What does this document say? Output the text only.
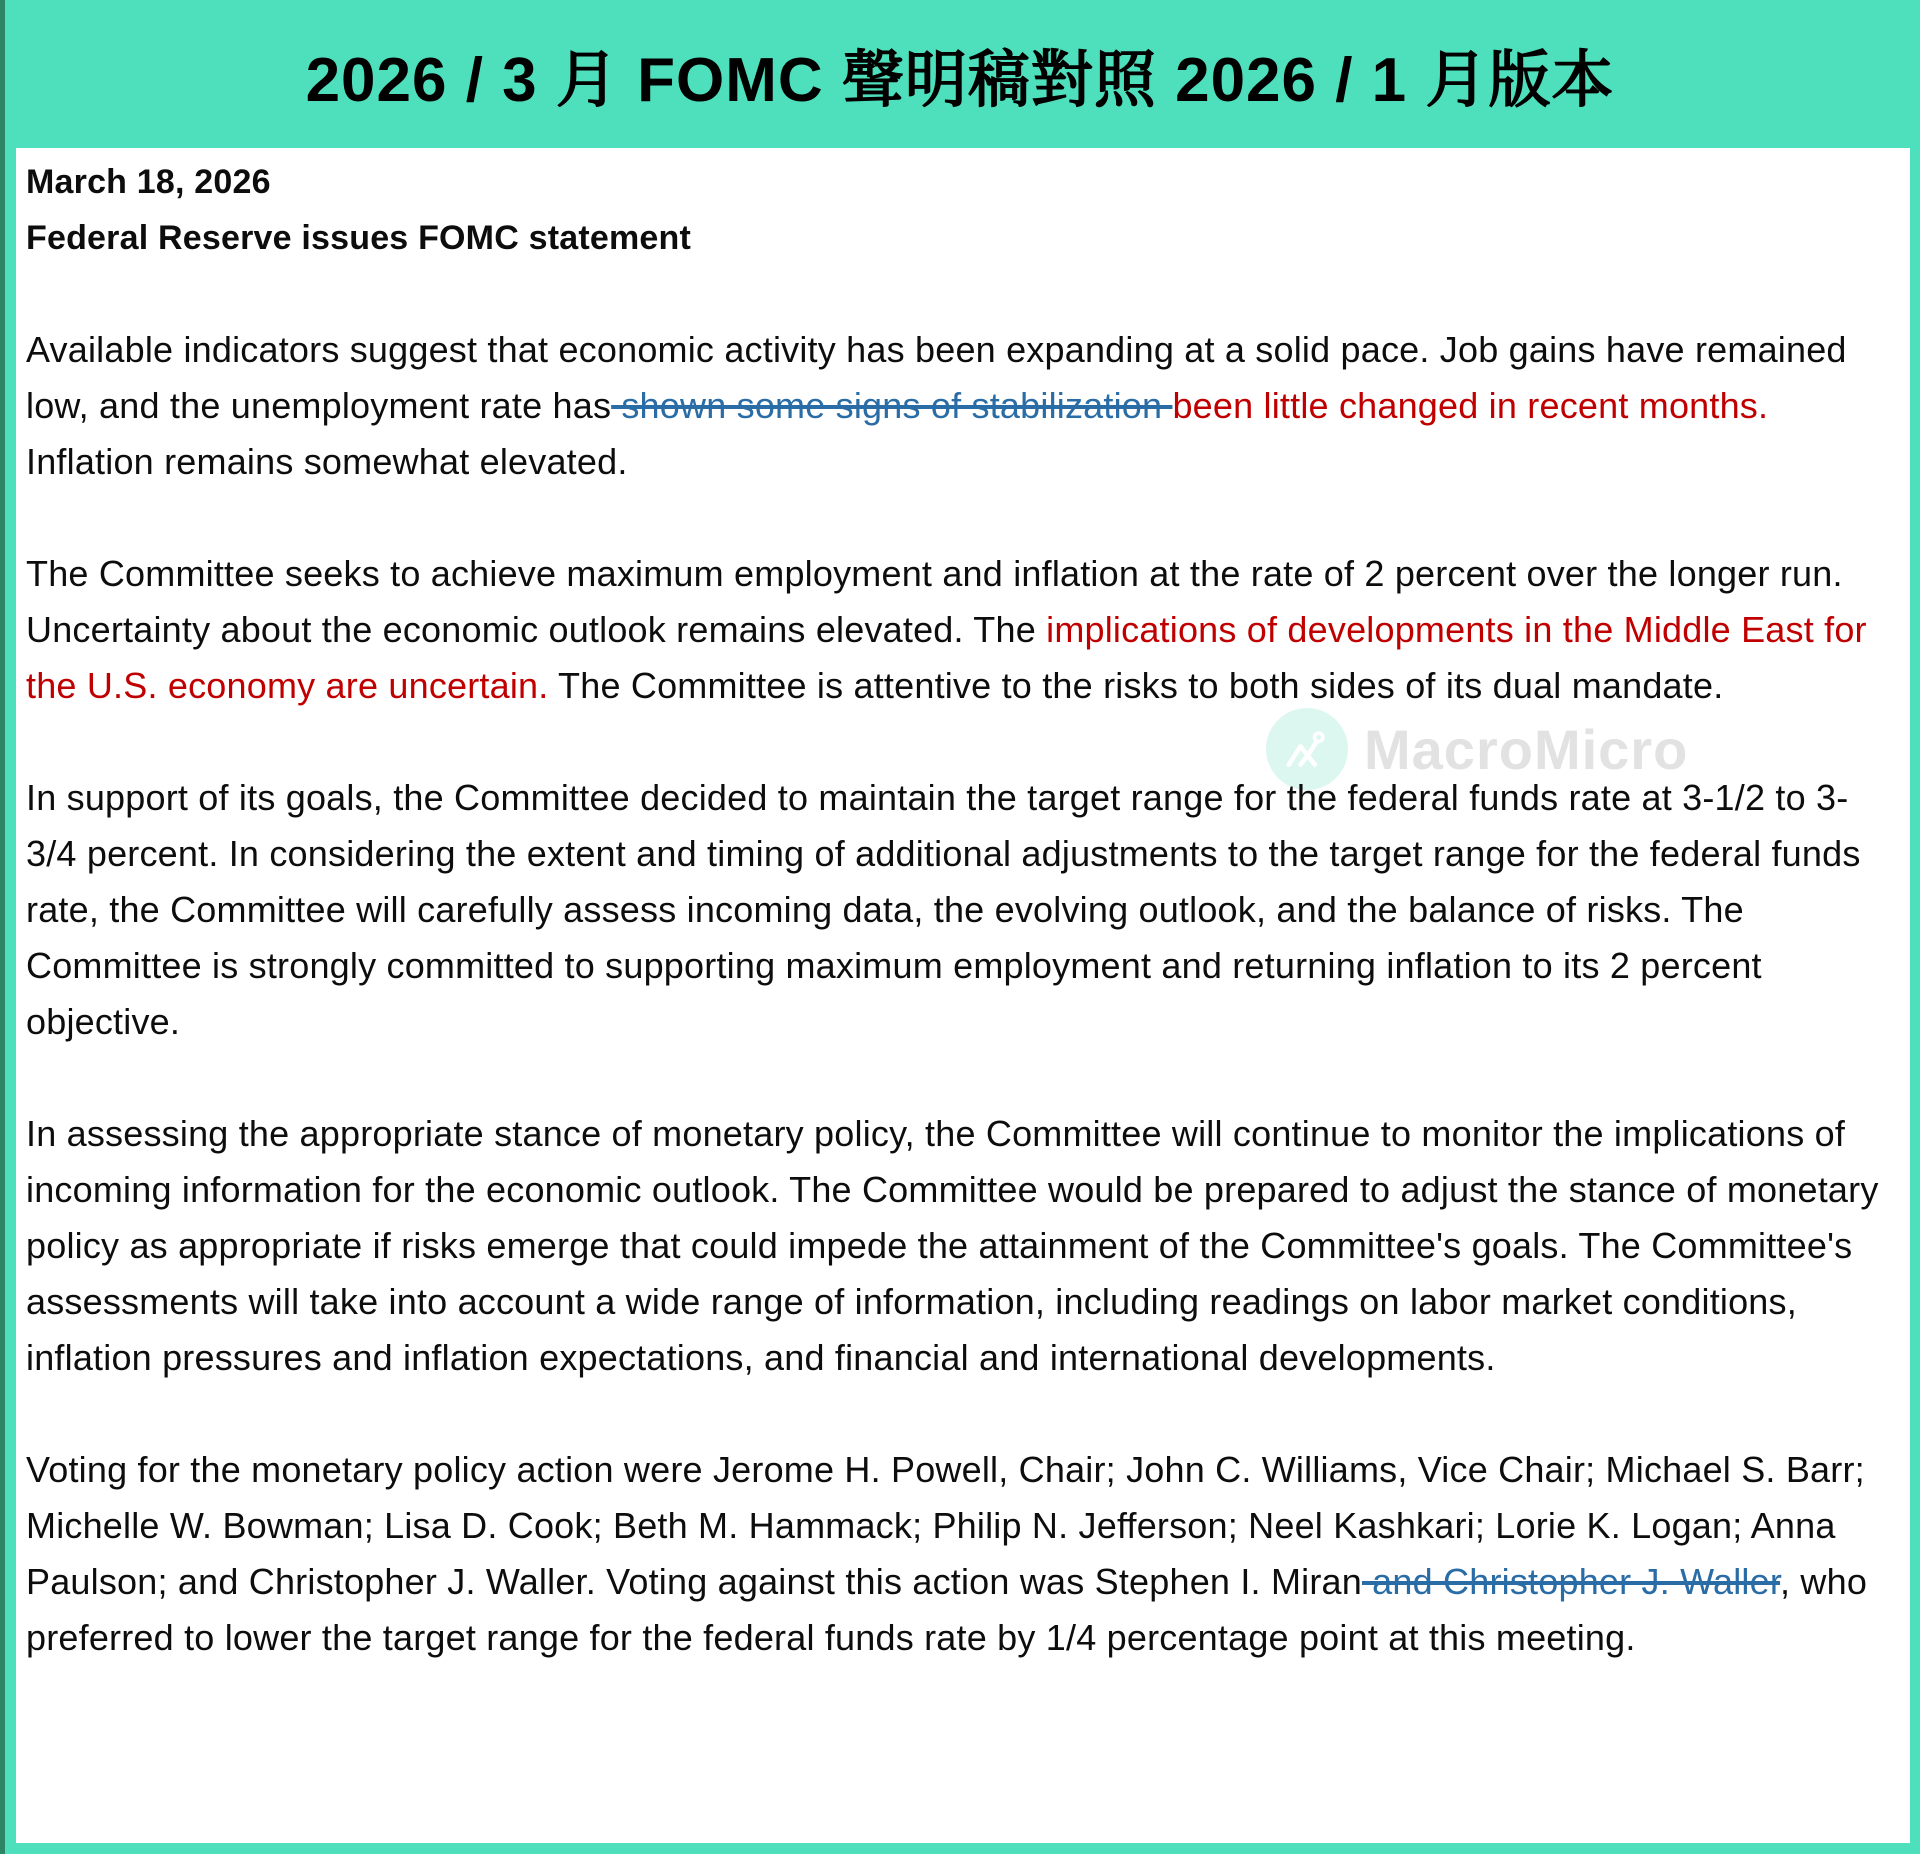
2026 / 3 月 FOMC 聲明稿對照 2026 / 1 月版本

March 18, 2026

Federal Reserve issues FOMC statement

Available indicators suggest that economic activity has been expanding at a solid pace. Job gains have remained low, and the unemployment rate has shown some signs of stabilization been little changed in recent months. Inflation remains somewhat elevated.

The Committee seeks to achieve maximum employment and inflation at the rate of 2 percent over the longer run. Uncertainty about the economic outlook remains elevated. The implications of developments in the Middle East for the U.S. economy are uncertain. The Committee is attentive to the risks to both sides of its dual mandate.

In support of its goals, the Committee decided to maintain the target range for the federal funds rate at 3-1/2 to 3-3/4 percent. In considering the extent and timing of additional adjustments to the target range for the federal funds rate, the Committee will carefully assess incoming data, the evolving outlook, and the balance of risks. The Committee is strongly committed to supporting maximum employment and returning inflation to its 2 percent objective.

In assessing the appropriate stance of monetary policy, the Committee will continue to monitor the implications of incoming information for the economic outlook. The Committee would be prepared to adjust the stance of monetary policy as appropriate if risks emerge that could impede the attainment of the Committee's goals. The Committee's assessments will take into account a wide range of information, including readings on labor market conditions, inflation pressures and inflation expectations, and financial and international developments.

Voting for the monetary policy action were Jerome H. Powell, Chair; John C. Williams, Vice Chair; Michael S. Barr; Michelle W. Bowman; Lisa D. Cook; Beth M. Hammack; Philip N. Jefferson; Neel Kashkari; Lorie K. Logan; Anna Paulson; and Christopher J. Waller. Voting against this action was Stephen I. Miran and Christopher J. Waller, who preferred to lower the target range for the federal funds rate by 1/4 percentage point at this meeting.

MacroMicro
